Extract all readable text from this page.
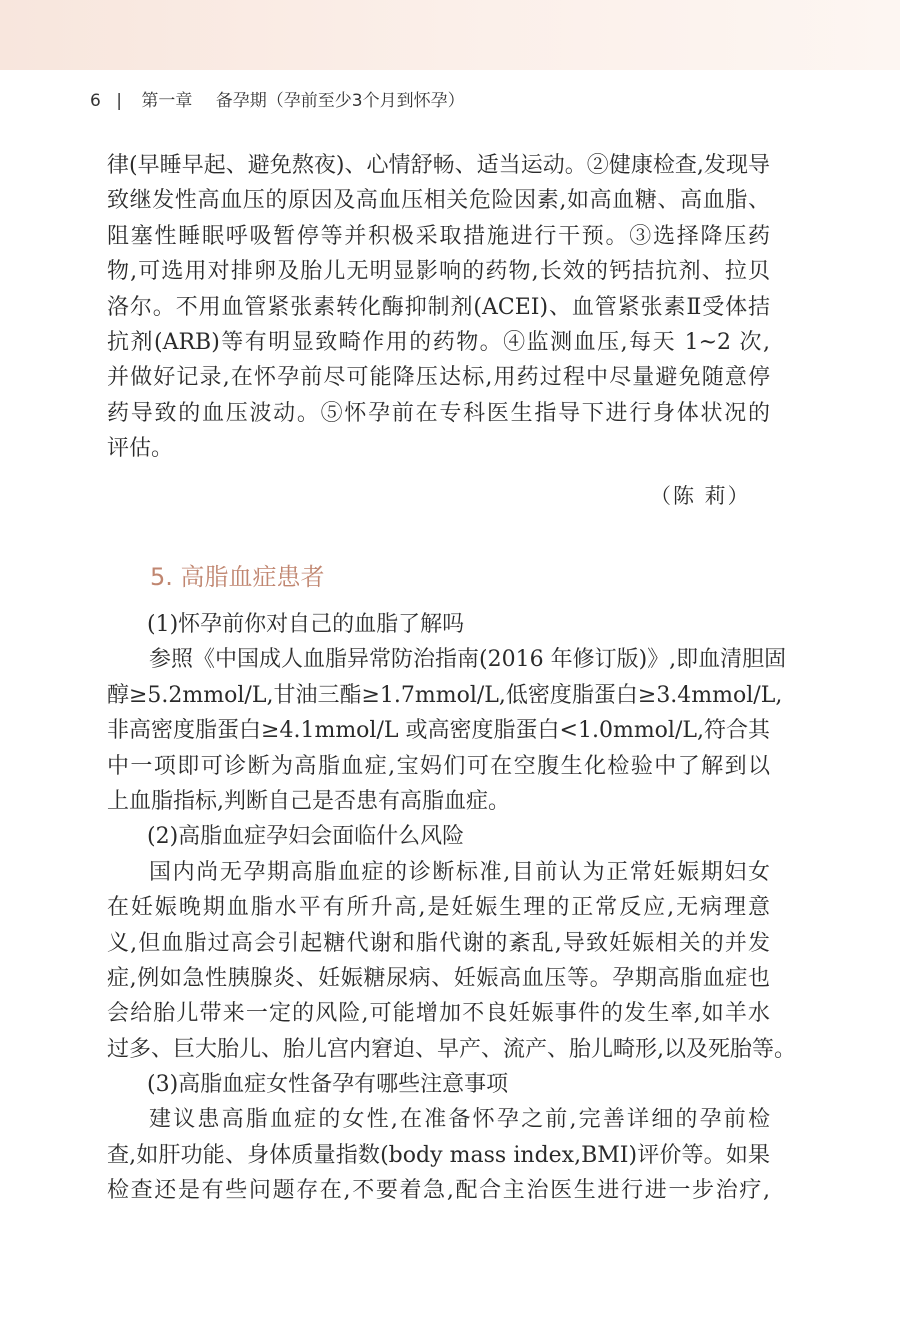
6 | 第一章 备孕期（孕前至少3个月到怀孕）
律(早睡早起、避免熬夜)、心情舒畅、适当运动。②健康检查,发现导
致继发性高血压的原因及高血压相关危险因素,如高血糖、高血脂、
阻塞性睡眠呼吸暂停等并积极采取措施进行干预。③选择降压药
物,可选用对排卵及胎儿无明显影响的药物,长效的钙拮抗剂、拉贝
洛尔。不用血管紧张素转化酶抑制剂(ACEI)、血管紧张素Ⅱ受体拮
抗剂(ARB)等有明显致畸作用的药物。④监测血压,每天 1~2 次,
并做好记录,在怀孕前尽可能降压达标,用药过程中尽量避免随意停
药导致的血压波动。⑤怀孕前在专科医生指导下进行身体状况的
评估。
（陈 莉）
5. 高脂血症患者
(1)怀孕前你对自己的血脂了解吗
参照《中国成人血脂异常防治指南(2016 年修订版)》,即血清胆固
醇≥5.2mmol/L,甘油三酯≥1.7mmol/L,低密度脂蛋白≥3.4mmol/L,
非高密度脂蛋白≥4.1mmol/L 或高密度脂蛋白<1.0mmol/L,符合其
中一项即可诊断为高脂血症,宝妈们可在空腹生化检验中了解到以
上血脂指标,判断自己是否患有高脂血症。
(2)高脂血症孕妇会面临什么风险
国内尚无孕期高脂血症的诊断标准,目前认为正常妊娠期妇女
在妊娠晚期血脂水平有所升高,是妊娠生理的正常反应,无病理意
义,但血脂过高会引起糖代谢和脂代谢的紊乱,导致妊娠相关的并发
症,例如急性胰腺炎、妊娠糖尿病、妊娠高血压等。孕期高脂血症也
会给胎儿带来一定的风险,可能增加不良妊娠事件的发生率,如羊水
过多、巨大胎儿、胎儿宫内窘迫、早产、流产、胎儿畸形,以及死胎等。
(3)高脂血症女性备孕有哪些注意事项
建议患高脂血症的女性,在准备怀孕之前,完善详细的孕前检
查,如肝功能、身体质量指数(body mass index,BMI)评价等。如果
检查还是有些问题存在,不要着急,配合主治医生进行进一步治疗,
